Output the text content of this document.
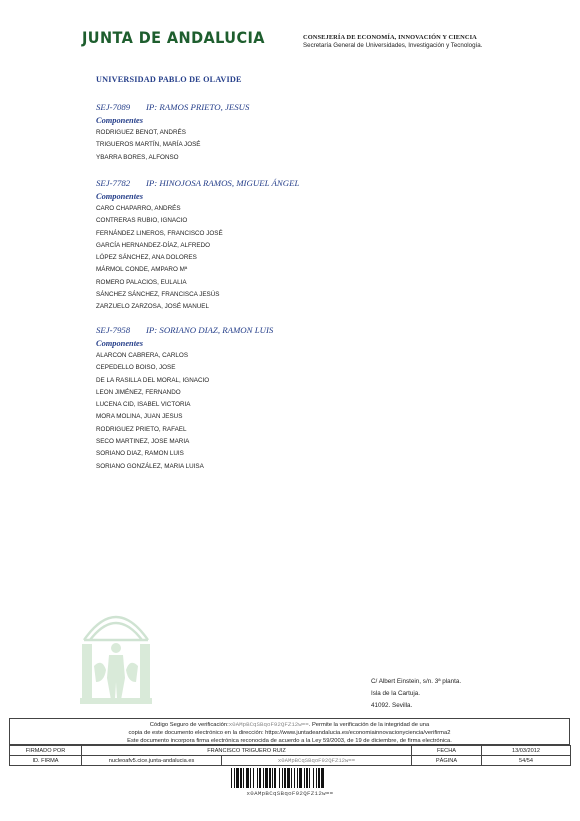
JUNTA DE ANDALUCIA	CONSEJERÍA DE ECONOMÍA, INNOVACIÓN Y CIENCIA
Secretaría General de Universidades, Investigación y Tecnología.
UNIVERSIDAD PABLO DE OLAVIDE
SEJ-7089 IP: RAMOS PRIETO, JESUS
Componentes
RODRIGUEZ BENOT, ANDRÉS
TRIGUEROS MARTÍN, MARÍA JOSÉ
YBARRA BORES, ALFONSO
SEJ-7782 IP: HINOJOSA RAMOS, MIGUEL ÁNGEL
Componentes
CARO CHAPARRO, ANDRÉS
CONTRERAS RUBIO, IGNACIO
FERNÁNDEZ LINEROS, FRANCISCO JOSÉ
GARCÍA HERNANDEZ-DÍAZ, ALFREDO
LÓPEZ SÁNCHEZ, ANA DOLORES
MÁRMOL CONDE, AMPARO Mª
ROMERO PALACIOS, EULALIA
SÁNCHEZ SÁNCHEZ, FRANCISCA JESÚS
ZARZUELO ZARZOSA, JOSÉ MANUEL
SEJ-7958 IP: SORIANO DIAZ, RAMON LUIS
Componentes
ALARCON CABRERA, CARLOS
CEPEDELLO BOISO, JOSE
DE LA RASILLA DEL MORAL, IGNACIO
LEON JIMÉNEZ, FERNANDO
LUCENA CID, ISABEL VICTORIA
MORA MOLINA, JUAN JESUS
RODRIGUEZ PRIETO, RAFAEL
SECO MARTINEZ, JOSE MARIA
SORIANO DIAZ, RAMON LUIS
SORIANO GONZÁLEZ, MARIA LUISA
C/ Albert Einstein, s/n. 3ª planta.
Isla de la Cartuja.
41092. Sevilla.
Código Seguro de verificación:x0AMpBCqSBqoF92QFZ12w==. Permite la verificación de la integridad de una
copia de este documento electrónico en la dirección: https://www.juntadeandalucia.es/economiainnovacionyciencia/verifirma2
Este documento incorpora firma electrónica reconocida de acuerdo a la Ley 59/2003, de 19 de diciembre, de firma electrónica.
FIRMADO POR	FRANCISCO TRIGUERO RUIZ		FECHA	13/03/2012
ID. FIRMA	nucleoafv5.cice.junta-andalucia.es	x0AMpBCqSBqoF92QFZ12w==	PÁGINA	54/54
x0AMpBCqSBqoF92QFZ12w==
